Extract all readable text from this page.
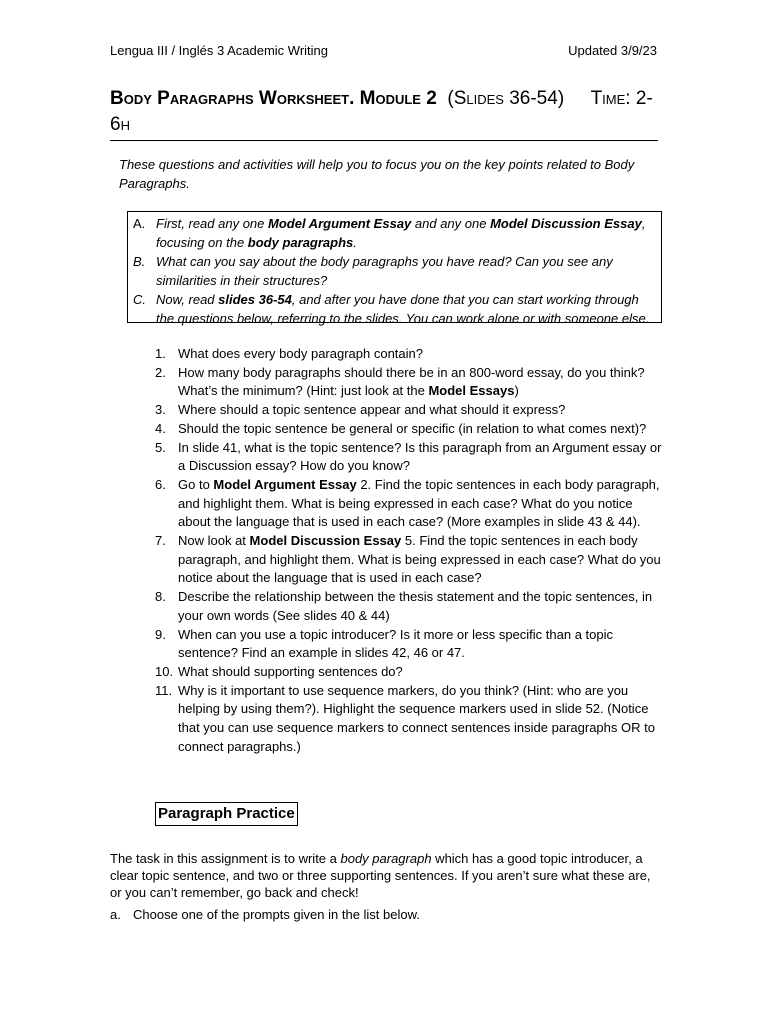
Lengua III / Inglés 3 Academic Writing	Updated 3/9/23
Body Paragraphs Worksheet. Module 2 (Slides 36-54) Time: 2-6h
These questions and activities will help you to focus you on the key points related to Body Paragraphs.
A. First, read any one Model Argument Essay and any one Model Discussion Essay, focusing on the body paragraphs.
B. What can you say about the body paragraphs you have read? Can you see any similarities in their structures?
C. Now, read slides 36-54, and after you have done that you can start working through the questions below, referring to the slides. You can work alone or with someone else.
1. What does every body paragraph contain?
2. How many body paragraphs should there be in an 800-word essay, do you think? What’s the minimum? (Hint: just look at the Model Essays)
3. Where should a topic sentence appear and what should it express?
4. Should the topic sentence be general or specific (in relation to what comes next)?
5. In slide 41, what is the topic sentence? Is this paragraph from an Argument essay or a Discussion essay? How do you know?
6. Go to Model Argument Essay 2. Find the topic sentences in each body paragraph, and highlight them. What is being expressed in each case? What do you notice about the language that is used in each case? (More examples in slide 43 & 44).
7. Now look at Model Discussion Essay 5. Find the topic sentences in each body paragraph, and highlight them. What is being expressed in each case? What do you notice about the language that is used in each case?
8. Describe the relationship between the thesis statement and the topic sentences, in your own words (See slides 40 & 44)
9. When can you use a topic introducer? Is it more or less specific than a topic sentence? Find an example in slides 42, 46 or 47.
10. What should supporting sentences do?
11. Why is it important to use sequence markers, do you think? (Hint: who are you helping by using them?). Highlight the sequence markers used in slide 52. (Notice that you can use sequence markers to connect sentences inside paragraphs OR to connect paragraphs.)
Paragraph Practice
The task in this assignment is to write a body paragraph which has a good topic introducer, a clear topic sentence, and two or three supporting sentences. If you aren’t sure what these are, or you can’t remember, go back and check!
a. Choose one of the prompts given in the list below.
